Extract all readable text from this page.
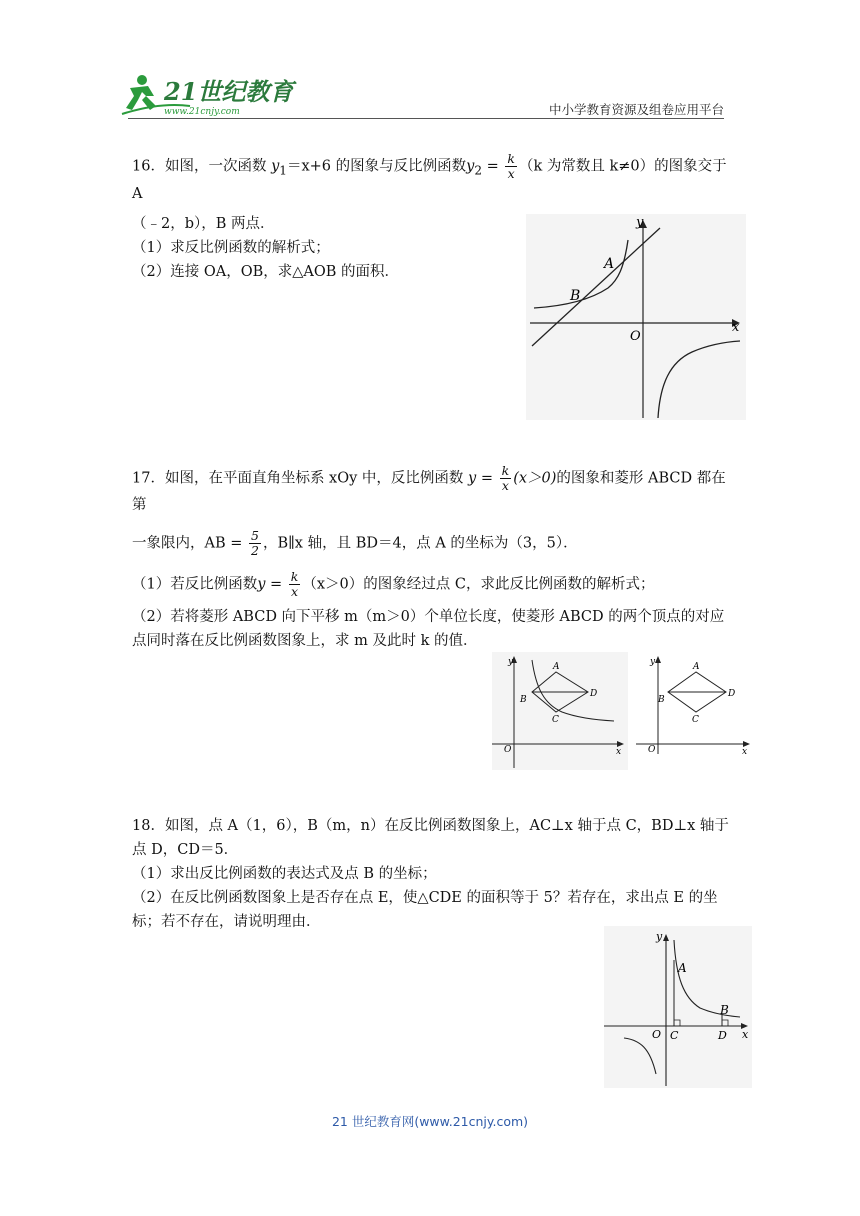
21世纪教育
www.21cnjy.com	中小学教育资源及组卷应用平台

16．如图，一次函数 $y_1=x+6$ 的图象与反比例函数$y_2 = \frac{k}{x} (k$ 为常数且 k≠0）的图象交于 A

（﹣2，b），B 两点．

（1）求反比例函数的解析式；

（2）连接 OA，OB，求△AOB 的面积．

y
x
O
A
B

17．如图，在平面直角坐标系 xOy 中，反比例函数 $y = \frac{k}{x} (x>0)$的图象和菱形 ABCD 都在第

一象限内，AB = $\frac{5}{2}$ ，B∥x 轴，且 BD＝4，点 A 的坐标为（3，5）．

（1）若反比例函数$y = \frac{k}{x} (x>0)$的图象经过点 C，求此反比例函数的解析式；

（2）若将菱形 ABCD 向下平移 m（m＞0）个单位长度，使菱形 ABCD 的两个顶点的对应点同时落在反比例函数图象上，求 m 及此时 k 的值．

y
x
O
A
B
C
D
y
x
O
A
B
C
D

18．如图，点 A（1，6），B（m，n）在反比例函数图象上，AC⊥x 轴于点 C，BD⊥x 轴于点 D，CD＝5．

（1）求出反比例函数的表达式及点 B 的坐标；

（2）在反比例函数图象上是否存在点 E，使△CDE 的面积等于 5？若存在，求出点 E 的坐标；若不存在，请说明理由．

y
x
O
A
B
C	D
21 世纪教育网(www.21cnjy.com)
